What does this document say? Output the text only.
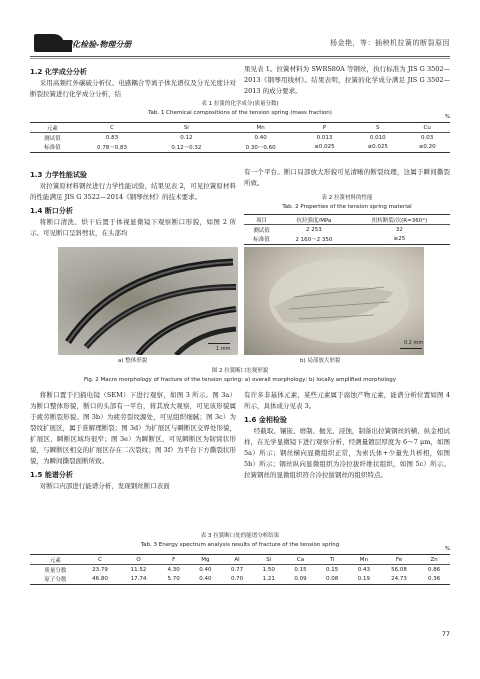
理化检验-物理分册	杨金艳，等：插秧机拉簧的断裂原因
1.2 化学成分分析

采用高频红外碳硫分析仪、电感耦合等离子体光谱仪及分光光度计对断裂拉簧进行化学成分分析，结

果见表 1。拉簧材料为 SWRS80A 等钢丝，执行标准为 JIS G 3502—2013《钢琴用线材》。结果表明，拉簧的化学成分满足 JIS G 3502—2013 的成分要求。

表 1 拉簧的化学成分(质量分数)
Tab. 1 Chemical compositions of the tension spring (mass fraction)
%
元素	C	Si	Mn	P	S	Cu
测试值	0.83	0.12	0.40	0.013	0.010	0.03
标准值	0.78～0.83	0.12～0.32	0.30～0.60	≤0.025	≤0.025	≤0.20
1.3 力学性能试验

对拉簧原材料钢丝进行力学性能试验，结果见表 2，可见拉簧原材料的性能满足 JIS G 3522—2014《钢琴丝材》的技术要求。

1.4 断口分析

将断口清洗、烘干后置于体视显微镜下观察断口形貌，如图 2 所示。可见断口呈斜劈状，在头部均

有一个平台。断口局部放大形貌可见清晰的断裂纹理，这属于瞬间撕裂所致。

表 2 拉簧材料的性能
Tab. 2 Properties of the tension spring material
项目	抗拉强度/MPa	扭转断裂/次(R=360°)
测试值	2 253	32
标准值	2 160～2 350	≥25
1 mm
0.2 mm
a) 整体形貌	b) 局部放大形貌
图 2 拉簧断口宏观形貌
Fig. 2 Macro morphology of fracture of the tension spring: a) overall morphology; b) locally amplified morphology

将断口置于扫描电镜（SEM）下进行观察，如图 3 所示。图 3a）为断口整体形貌，断口的头部有一平台，将其放大观察，可见该形貌属于疲劳断裂形貌。图 3b）为疲劳裂纹源处，可见组织细腻；图 3c）为裂纹扩展区，属于准解理断裂；图 3d）为扩展区与瞬断区交界处形貌，扩展区、瞬断区域均很窄；图 3e）为瞬断区，可见瞬断区为韧窝状形貌，与瞬断区相交的扩展区存在二次裂纹；图 3f）为平台下方撕裂状形貌，为瞬间撕裂面断所致。

1.5 能谱分析

对断口内部进行能谱分析，发现钢丝断口表面

有许多非基体元素，某些元素属于腐蚀产物元素，能谱分析位置如图 4 所示，具体成分见表 3。

1.6 金相检验

经截取、镶嵌、磨制、抛光、浸蚀，制备出拉簧钢丝的横、纵金相试样，在光学显微镜下进行观察分析，经测量镀层厚度为 6～7 μm，如图 5a）所示；钢丝横向显微组织正常，为索氏体+少量先共析相，如图 5b）所示；钢丝纵向显微组织为冷拉拔纤维状组织，如图 5c）所示。拉簧钢丝的显微组织符合冷拉拔钢丝的组织特点。

表 3 拉簧断口处的能谱分析结果
Tab. 3 Energy spectrum analysis results of fracture of the tension spring
%
元素	C	O	F	Mg	Al	Si	Ca	Ti	Mn	Fe	Zn
质量分数	23.79	11.52	4.30	0.40	0.77	1.50	0.15	0.15	0.43	56.08	0.86
原子分数	46.80	17.74	5.70	0.40	0.70	1.21	0.09	0.08	0.19	24.73	0.36
77
